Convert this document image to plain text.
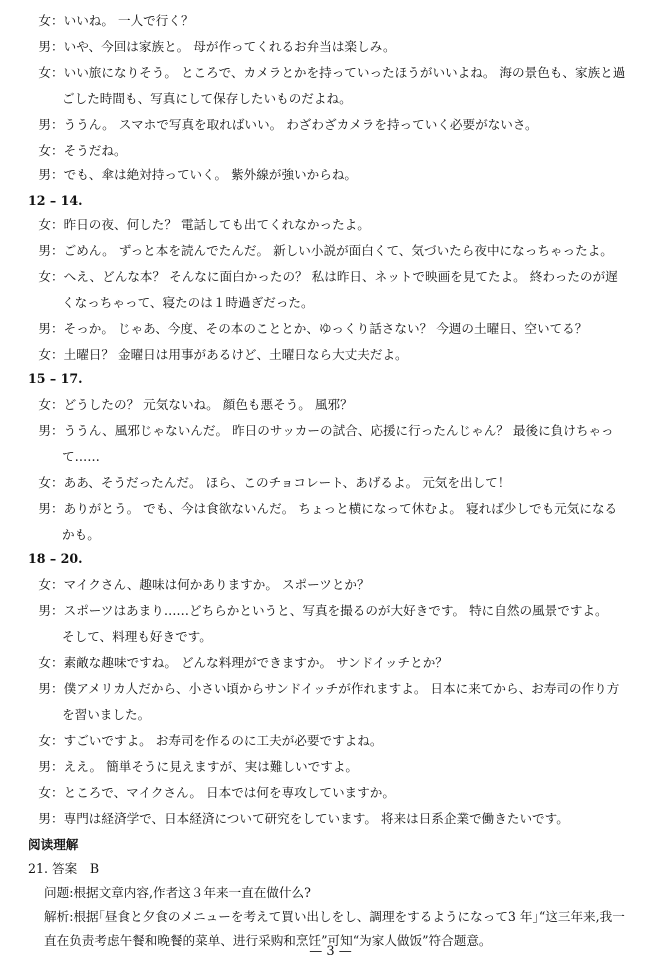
女：いいね。 一人で行く？
男：いや、今回は家族と。 母が作ってくれるお弁当は楽しみ。
女：いい旅になりそう。 ところで、カメラとかを持っていったほうがいいよね。 海の景色も、家族と過
ごした時間も、写真にして保存したいものだよね。
男：ううん。 スマホで写真を取ればいい。 わざわざカメラを持っていく必要がないさ。
女：そうだね。
男：でも、傘は絶対持っていく。 紫外線が強いからね。
12 – 14.
女：昨日の夜、何した？ 電話しても出てくれなかったよ。
男：ごめん。 ずっと本を読んでたんだ。 新しい小説が面白くて、気づいたら夜中になっちゃったよ。
女：へえ、どんな本？ そんなに面白かったの？ 私は昨日、ネットで映画を見てたよ。 終わったのが遅
くなっちゃって、寝たのは１時過ぎだった。
男：そっか。 じゃあ、今度、その本のこととか、ゆっくり話さない？ 今週の土曜日、空いてる？
女：土曜日？ 金曜日は用事があるけど、土曜日なら大丈夫だよ。
15 – 17.
女：どうしたの？ 元気ないね。 顔色も悪そう。 風邪？
男：ううん、風邪じゃないんだ。 昨日のサッカーの試合、応援に行ったんじゃん？ 最後に負けちゃっ
て……
女：ああ、そうだったんだ。 ほら、このチョコレート、あげるよ。 元気を出して！
男：ありがとう。 でも、今は食欲ないんだ。 ちょっと横になって休むよ。 寝れば少しでも元気になる
かも。
18 – 20.
女：マイクさん、趣味は何かありますか。 スポーツとか？
男：スポーツはあまり……どちらかというと、写真を撮るのが大好きです。 特に自然の風景ですよ。
そして、料理も好きです。
女：素敵な趣味ですね。 どんな料理ができますか。 サンドイッチとか？
男：僕アメリカ人だから、小さい頃からサンドイッチが作れますよ。 日本に来てから、お寿司の作り方
を習いました。
女：すごいですよ。 お寿司を作るのに工夫が必要ですよね。
男：ええ。 簡単そうに見えますが、実は難しいですよ。
女：ところで、マイクさん。 日本では何を専攻していますか。
男：専門は経済学で、日本経済について研究をしています。 将来は日系企業で働きたいです。
阅读理解
21. 答案　B
问题:根据文章内容,作者这３年来一直在做什么?
解析:根据｢昼食と夕食のメニューを考えて買い出しをし、調理をするようになって3 年｣“这三年来,我一
直在负责考虑午餐和晚餐的菜单、进行采购和烹饪”可知“为家人做饭”符合题意。
— 3 —
